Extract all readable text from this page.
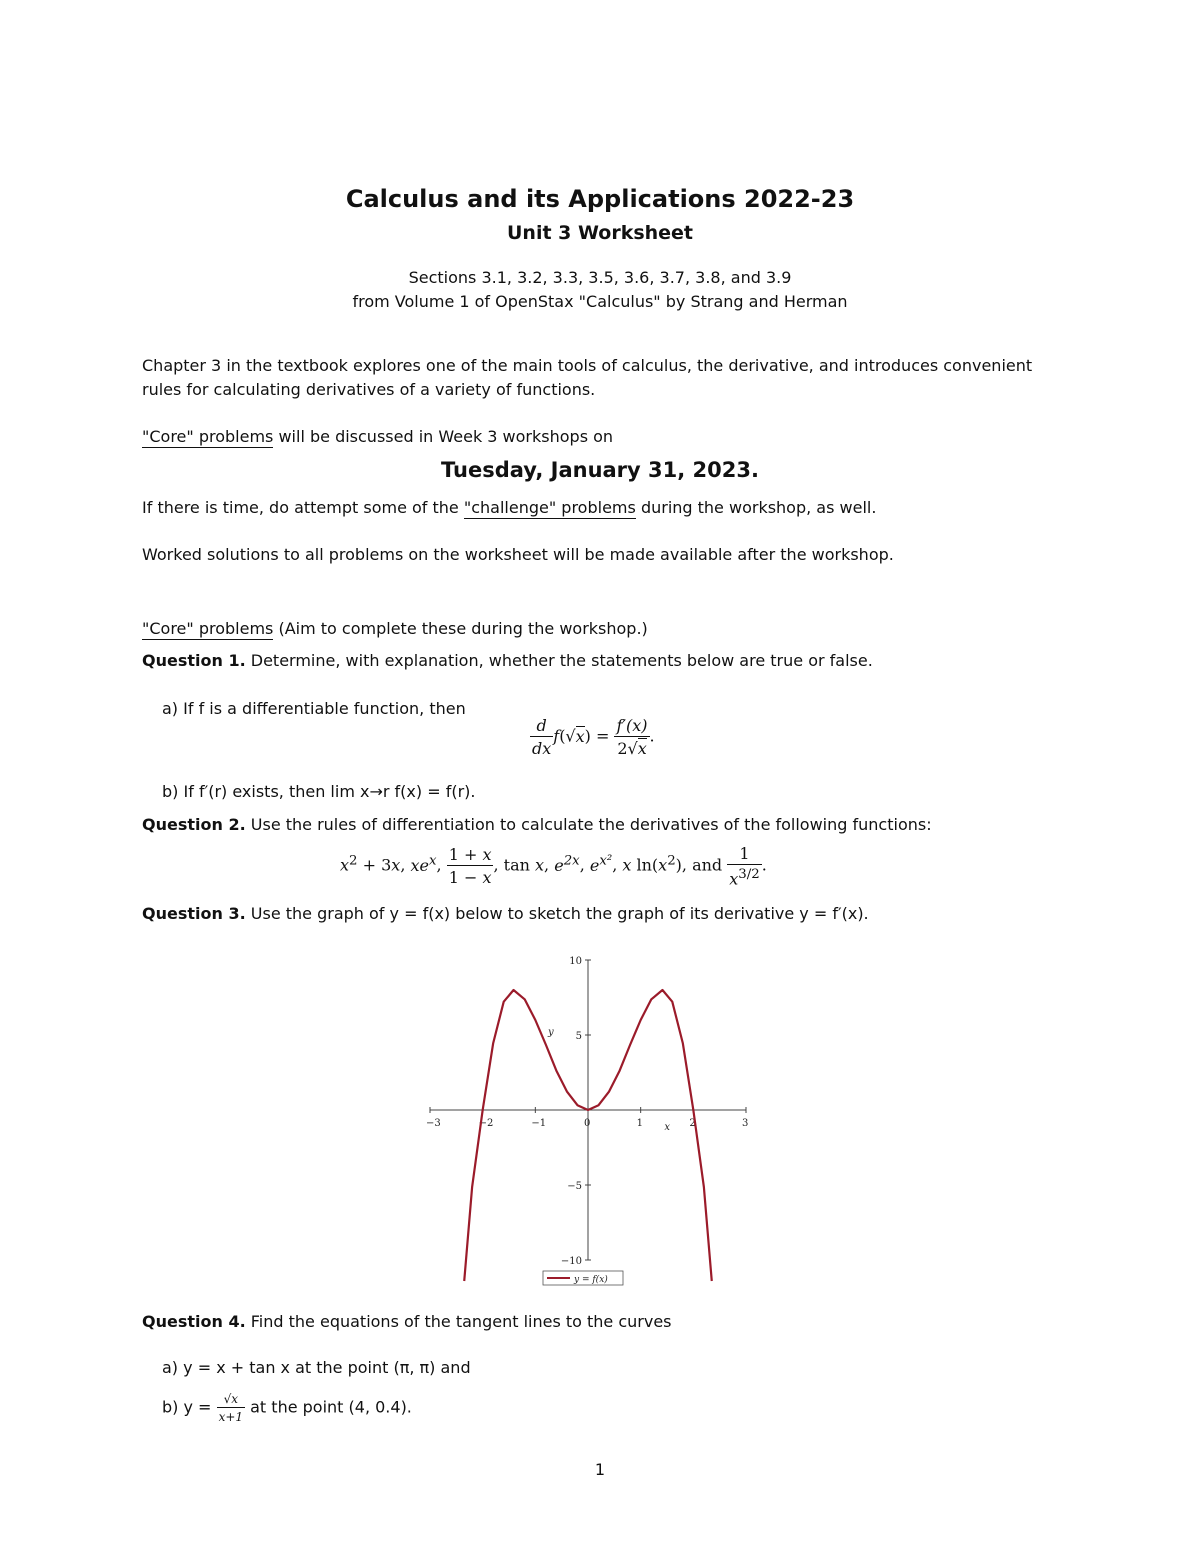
Calculus and its Applications 2022-23
Unit 3 Worksheet
Sections 3.1, 3.2, 3.3, 3.5, 3.6, 3.7, 3.8, and 3.9
from Volume 1 of OpenStax "Calculus" by Strang and Herman
Chapter 3 in the textbook explores one of the main tools of calculus, the derivative, and introduces convenient
rules for calculating derivatives of a variety of functions.
"Core" problems will be discussed in Week 3 workshops on
Tuesday, January 31, 2023.
If there is time, do attempt some of the "challenge" problems during the workshop, as well.
Worked solutions to all problems on the worksheet will be made available after the workshop.
"Core" problems (Aim to complete these during the workshop.)
Question 1. Determine, with explanation, whether the statements below are true or false.
a) If f is a differentiable function, then
$\frac{d}{dx} f(√x) = \frac{f'(x)}{2√x}$ .
b) If f′(r) exists, then lim x→r f(x) = f(r).
Question 2. Use the rules of differentiation to calculate the derivatives of the following functions:
$x^2 + 3x$, $xe^x$, $\frac{1 + x}{1 - x}$ , tan x, $e^{2x}$, $e^{x^2}$, x $\ln(x^2)$, and $\frac{1}{x^{3/2}}$ .
Question 3. Use the graph of y = f(x) below to sketch the graph of its derivative y = f′(x).
−3	−2	−1	0	1	2	3
−10
−5
5
10
x
y
y = f(x)
Question 4. Find the equations of the tangent lines to the curves
a) y = x + tan x at the point (π, π) and
b) $y = \frac{√x}{x+1}$ at the point (4, 0.4).
1
